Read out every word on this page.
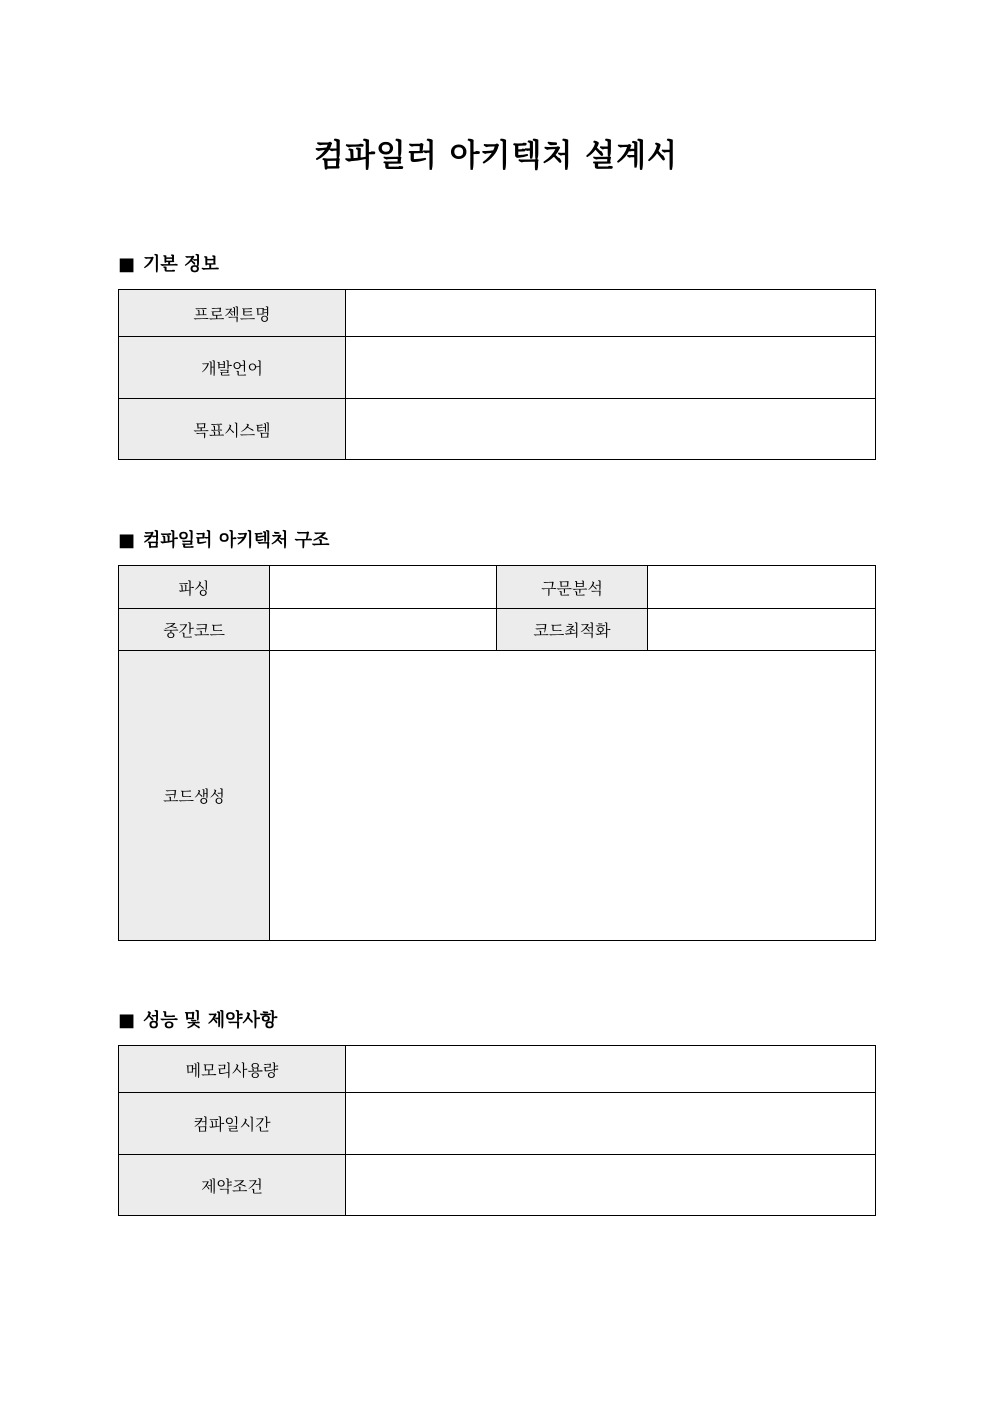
컴파일러 아키텍처 설계서
■ 기본 정보
프로젝트명	
개발언어	
목표시스템	
■ 컴파일러 아키텍처 구조
파싱		구문분석	
중간코드		코드최적화	
코드생성			
■ 성능 및 제약사항
메모리사용량	
컴파일시간	
제약조건	
